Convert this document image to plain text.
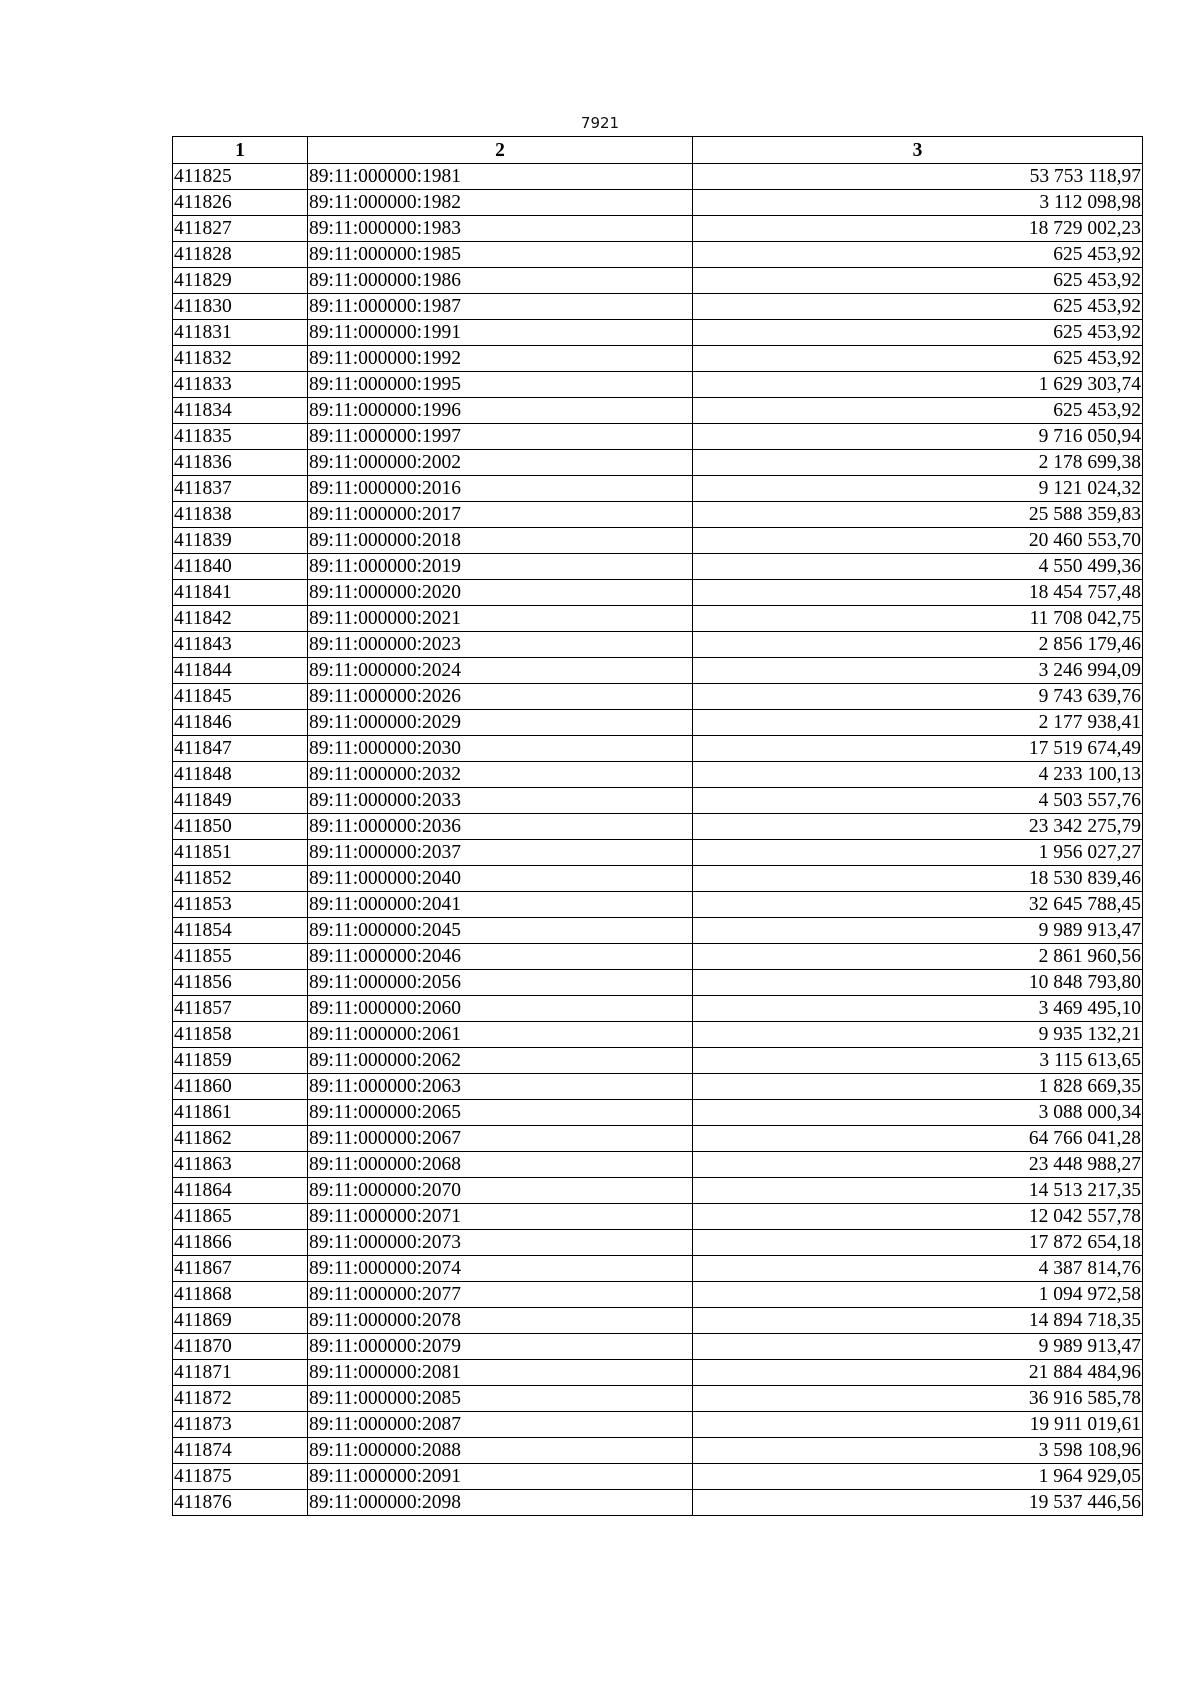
7921
1	2	3
411825	89:11:000000:1981	53 753 118,97
411826	89:11:000000:1982	3 112 098,98
411827	89:11:000000:1983	18 729 002,23
411828	89:11:000000:1985	625 453,92
411829	89:11:000000:1986	625 453,92
411830	89:11:000000:1987	625 453,92
411831	89:11:000000:1991	625 453,92
411832	89:11:000000:1992	625 453,92
411833	89:11:000000:1995	1 629 303,74
411834	89:11:000000:1996	625 453,92
411835	89:11:000000:1997	9 716 050,94
411836	89:11:000000:2002	2 178 699,38
411837	89:11:000000:2016	9 121 024,32
411838	89:11:000000:2017	25 588 359,83
411839	89:11:000000:2018	20 460 553,70
411840	89:11:000000:2019	4 550 499,36
411841	89:11:000000:2020	18 454 757,48
411842	89:11:000000:2021	11 708 042,75
411843	89:11:000000:2023	2 856 179,46
411844	89:11:000000:2024	3 246 994,09
411845	89:11:000000:2026	9 743 639,76
411846	89:11:000000:2029	2 177 938,41
411847	89:11:000000:2030	17 519 674,49
411848	89:11:000000:2032	4 233 100,13
411849	89:11:000000:2033	4 503 557,76
411850	89:11:000000:2036	23 342 275,79
411851	89:11:000000:2037	1 956 027,27
411852	89:11:000000:2040	18 530 839,46
411853	89:11:000000:2041	32 645 788,45
411854	89:11:000000:2045	9 989 913,47
411855	89:11:000000:2046	2 861 960,56
411856	89:11:000000:2056	10 848 793,80
411857	89:11:000000:2060	3 469 495,10
411858	89:11:000000:2061	9 935 132,21
411859	89:11:000000:2062	3 115 613,65
411860	89:11:000000:2063	1 828 669,35
411861	89:11:000000:2065	3 088 000,34
411862	89:11:000000:2067	64 766 041,28
411863	89:11:000000:2068	23 448 988,27
411864	89:11:000000:2070	14 513 217,35
411865	89:11:000000:2071	12 042 557,78
411866	89:11:000000:2073	17 872 654,18
411867	89:11:000000:2074	4 387 814,76
411868	89:11:000000:2077	1 094 972,58
411869	89:11:000000:2078	14 894 718,35
411870	89:11:000000:2079	9 989 913,47
411871	89:11:000000:2081	21 884 484,96
411872	89:11:000000:2085	36 916 585,78
411873	89:11:000000:2087	19 911 019,61
411874	89:11:000000:2088	3 598 108,96
411875	89:11:000000:2091	1 964 929,05
411876	89:11:000000:2098	19 537 446,56
